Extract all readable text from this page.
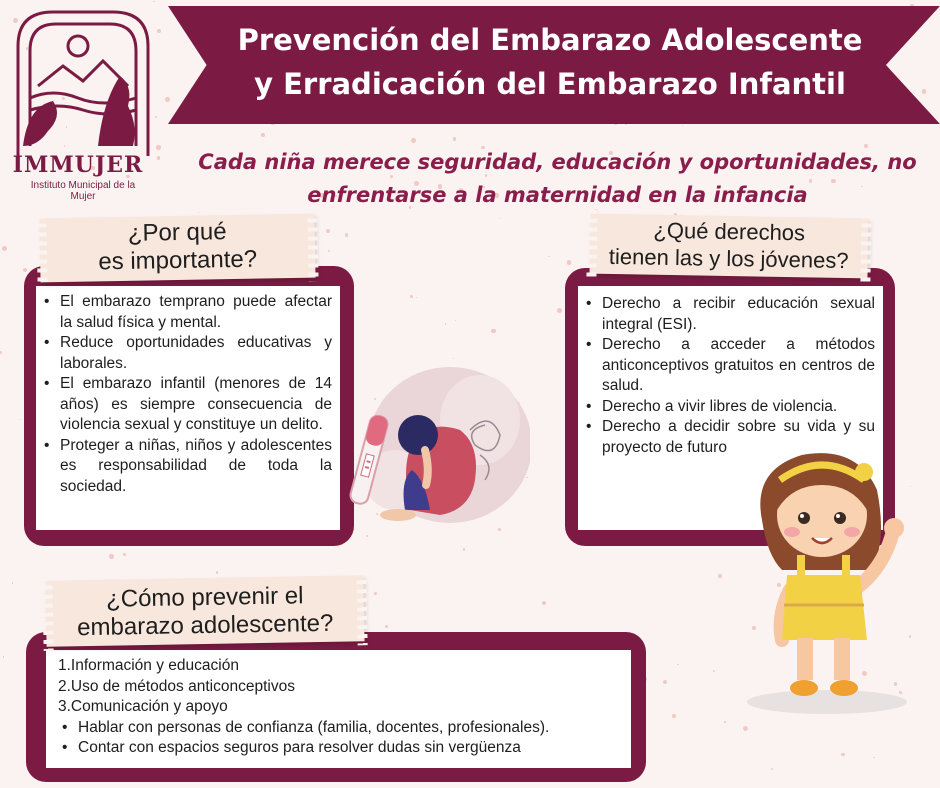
IMMUJER
Instituto Municipal de la Mujer
Prevención del Embarazo Adolescente
y Erradicación del Embarazo Infantil
Cada niña merece seguridad, educación y oportunidades, no
enfrentarse a la maternidad en la infancia
• El embarazo temprano puede afectar la salud física y mental.
• Reduce oportunidades educativas y laborales.
• El embarazo infantil (menores de 14 años) es siempre consecuencia de violencia sexual y constituye un delito.
• Proteger a niñas, niños y adolescentes es responsabilidad de toda la sociedad.
¿Por qué
es importante?
• Derecho a recibir educación sexual integral (ESI).
• Derecho a acceder a métodos anticonceptivos gratuitos en centros de salud.
• Derecho a vivir libres de violencia.
• Derecho a decidir sobre su vida y su proyecto de futuro
¿Qué derechos
tienen las y los jóvenes?
1.Información y educación
2.Uso de métodos anticonceptivos
3.Comunicación y apoyo
• Hablar con personas de confianza (familia, docentes, profesionales).
• Contar con espacios seguros para resolver dudas sin vergüenza
¿Cómo prevenir el
embarazo adolescente?
